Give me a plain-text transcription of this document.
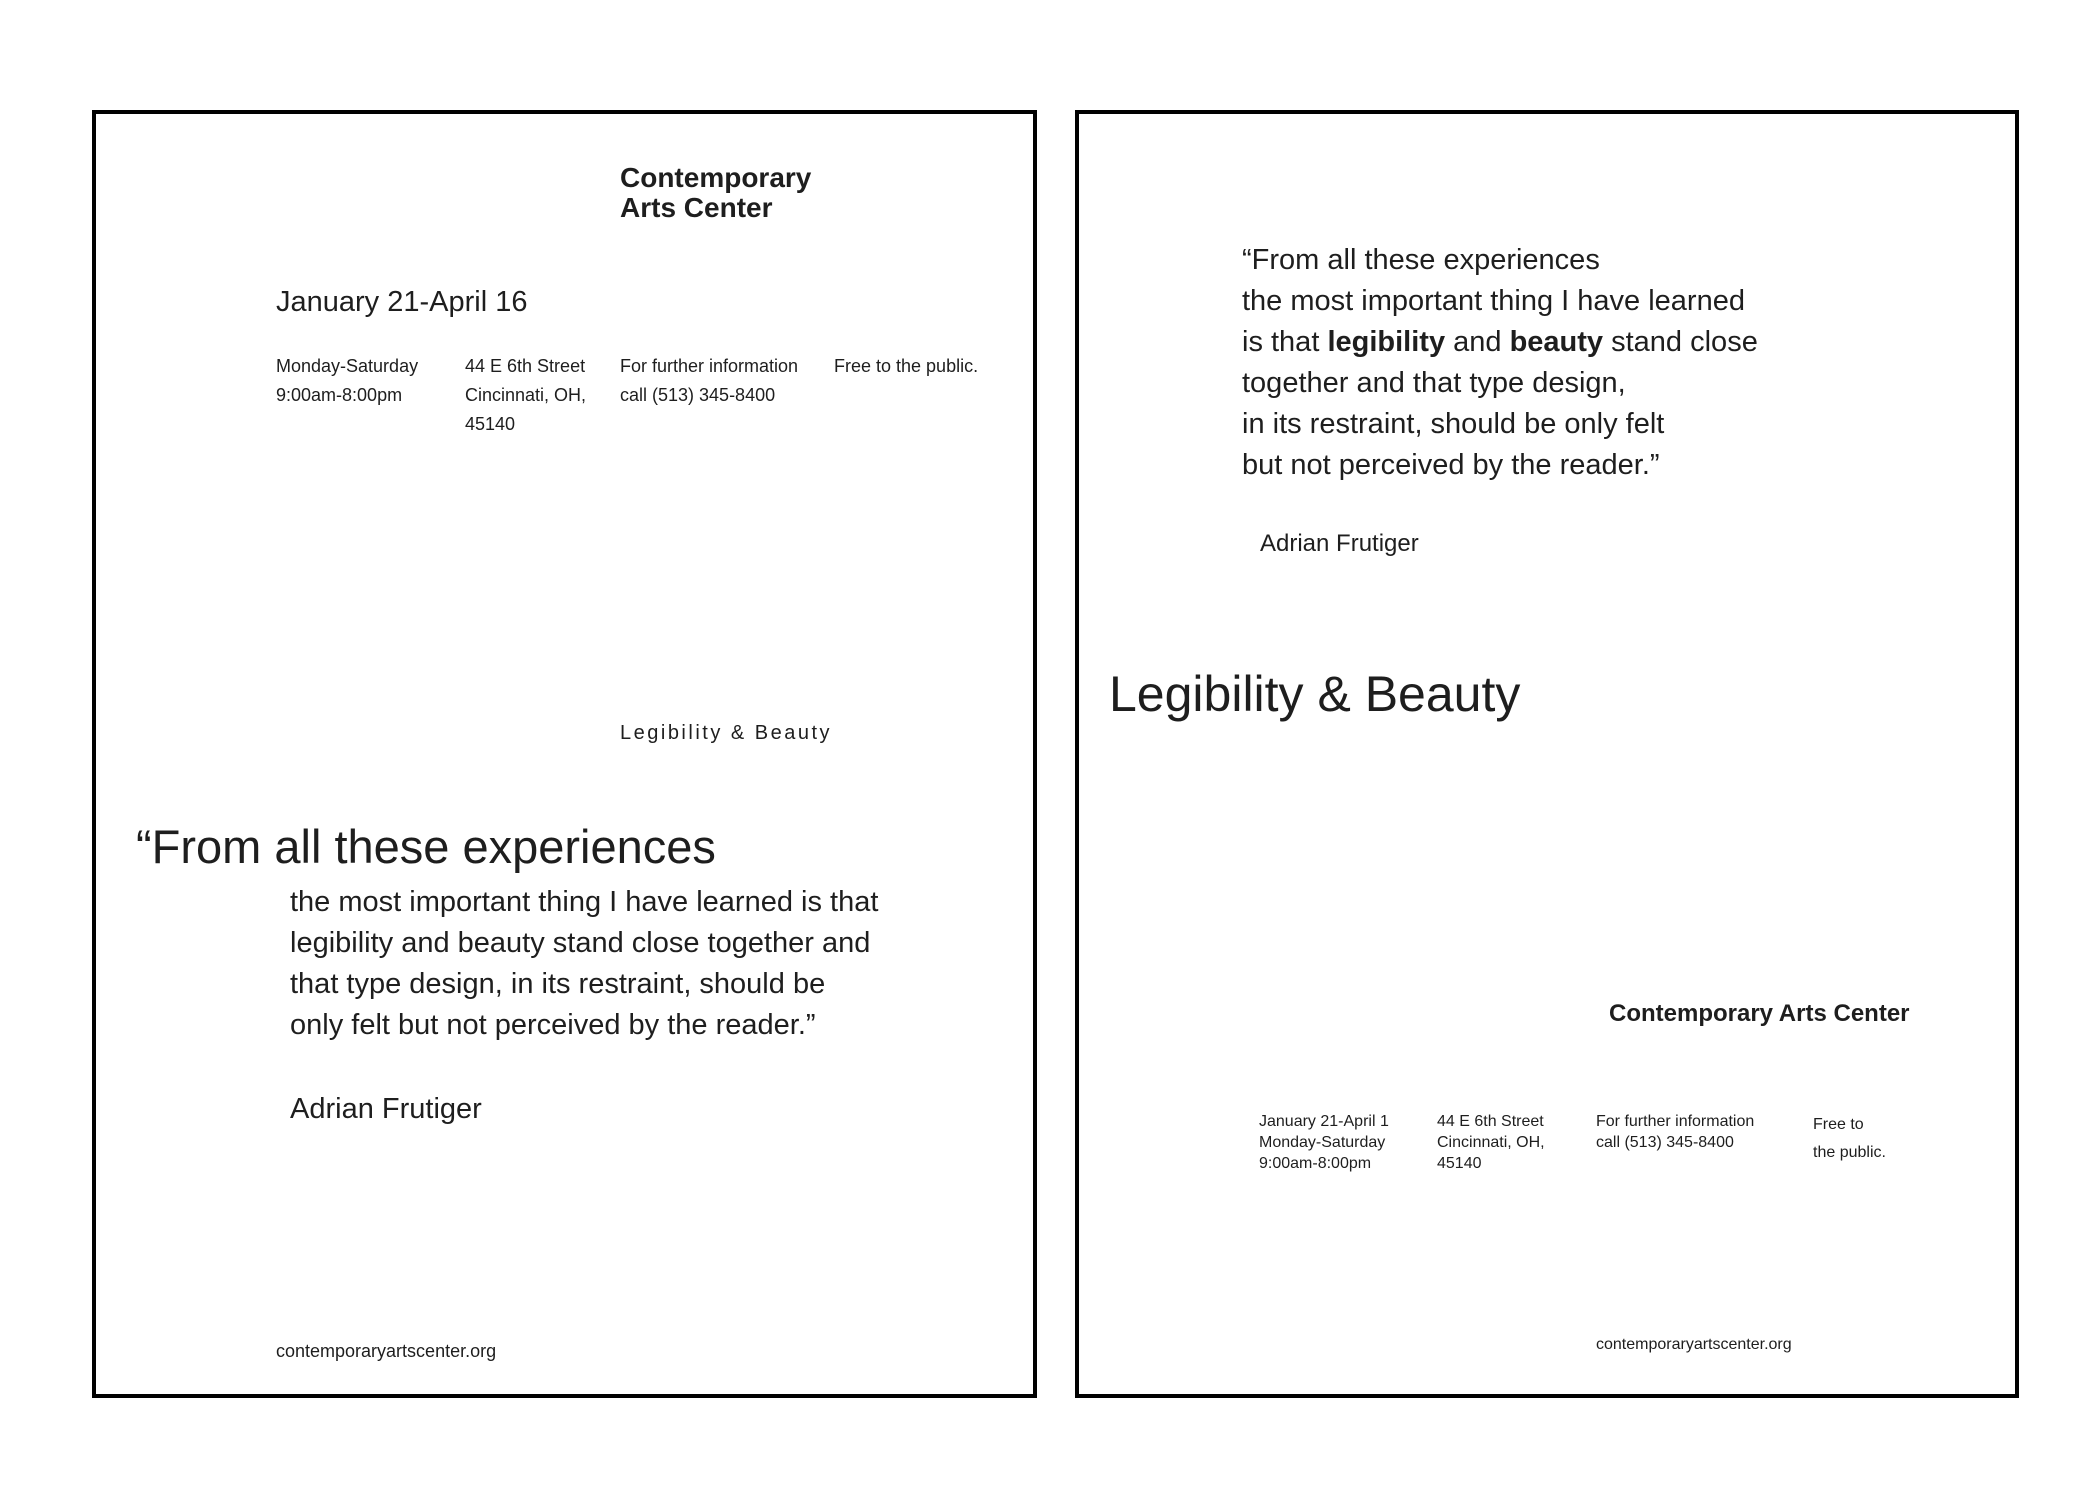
Contemporary
Arts Center
January 21-April 16
Monday-Saturday
9:00am-8:00pm
44 E 6th Street
Cincinnati, OH,
45140
For further information
call (513) 345-8400
Free to the public.
Legibility & Beauty
“From all these experiences
the most important thing I have learned is that
legibility and beauty stand close together and
that type design, in its restraint, should be
only felt but not perceived by the reader.”
Adrian Frutiger
contemporaryartscenter.org
“From all these experiences
the most important thing I have learned
is that legibility and beauty stand close
together and that type design,
in its restraint, should be only felt
but not perceived by the reader.”
Adrian Frutiger
Legibility & Beauty
Contemporary Arts Center
January 21-April 1
Monday-Saturday
9:00am-8:00pm
44 E 6th Street
Cincinnati, OH,
45140
For further information
call (513) 345-8400
Free to
the public.
contemporaryartscenter.org
